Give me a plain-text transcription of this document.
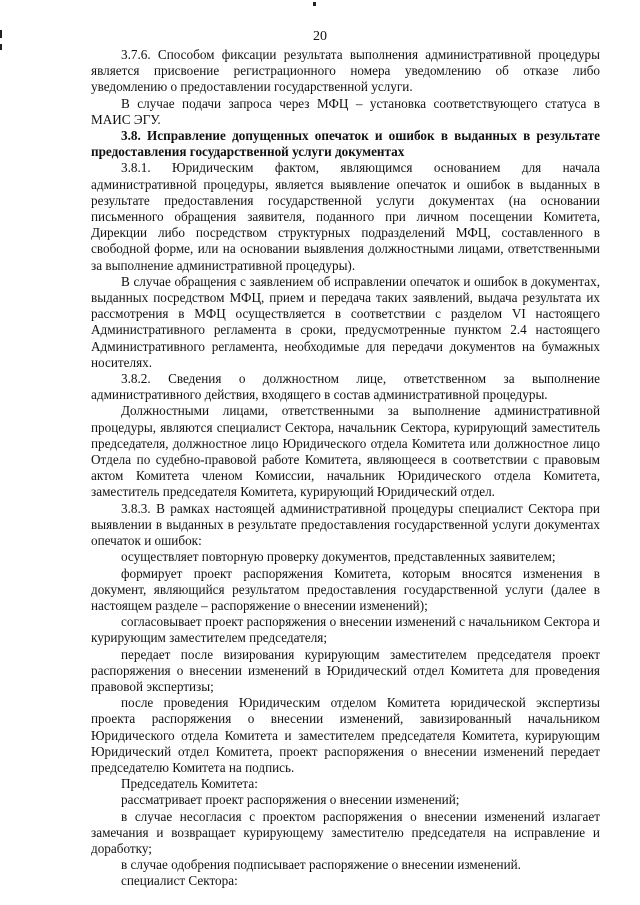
20

3.7.6. Способом фиксации результата выполнения административной процедуры является присвоение регистрационного номера уведомлению об отказе либо уведомлению о предоставлении государственной услуги.

В случае подачи запроса через МФЦ – установка соответствующего статуса в МАИС ЭГУ.

3.8. Исправление допущенных опечаток и ошибок в выданных в результате предоставления государственной услуги документах

3.8.1. Юридическим фактом, являющимся основанием для начала административной процедуры, является выявление опечаток и ошибок в выданных в результате предоставления государственной услуги документах (на основании письменного обращения заявителя, поданного при личном посещении Комитета, Дирекции либо посредством структурных подразделений МФЦ, составленного в свободной форме, или на основании выявления должностными лицами, ответственными за выполнение административной процедуры).

В случае обращения с заявлением об исправлении опечаток и ошибок в документах, выданных посредством МФЦ, прием и передача таких заявлений, выдача результата их рассмотрения в МФЦ осуществляется в соответствии с разделом VI настоящего Административного регламента в сроки, предусмотренные пунктом 2.4 настоящего Административного регламента, необходимые для передачи документов на бумажных носителях.

3.8.2. Сведения о должностном лице, ответственном за выполнение административного действия, входящего в состав административной процедуры.

Должностными лицами, ответственными за выполнение административной процедуры, являются специалист Сектора, начальник Сектора, курирующий заместитель председателя, должностное лицо Юридического отдела Комитета или должностное лицо Отдела по судебно-правовой работе Комитета, являющееся в соответствии с правовым актом Комитета членом Комиссии, начальник Юридического отдела Комитета, заместитель председателя Комитета, курирующий Юридический отдел.

3.8.3. В рамках настоящей административной процедуры специалист Сектора при выявлении в выданных в результате предоставления государственной услуги документах опечаток и ошибок:

осуществляет повторную проверку документов, представленных заявителем;

формирует проект распоряжения Комитета, которым вносятся изменения в документ, являющийся результатом предоставления государственной услуги (далее в настоящем разделе – распоряжение о внесении изменений);

согласовывает проект распоряжения о внесении изменений с начальником Сектора и курирующим заместителем председателя;

передает после визирования курирующим заместителем председателя проект распоряжения о внесении изменений в Юридический отдел Комитета для проведения правовой экспертизы;

после проведения Юридическим отделом Комитета юридической экспертизы проекта распоряжения о внесении изменений, завизированный начальником Юридического отдела Комитета и заместителем председателя Комитета, курирующим Юридический отдел Комитета, проект распоряжения о внесении изменений передает председателю Комитета на подпись.

Председатель Комитета:

рассматривает проект распоряжения о внесении изменений;

в случае несогласия с проектом распоряжения о внесении изменений излагает замечания и возвращает курирующему заместителю председателя на исправление и доработку;

в случае одобрения подписывает распоряжение о внесении изменений.

специалист Сектора:
